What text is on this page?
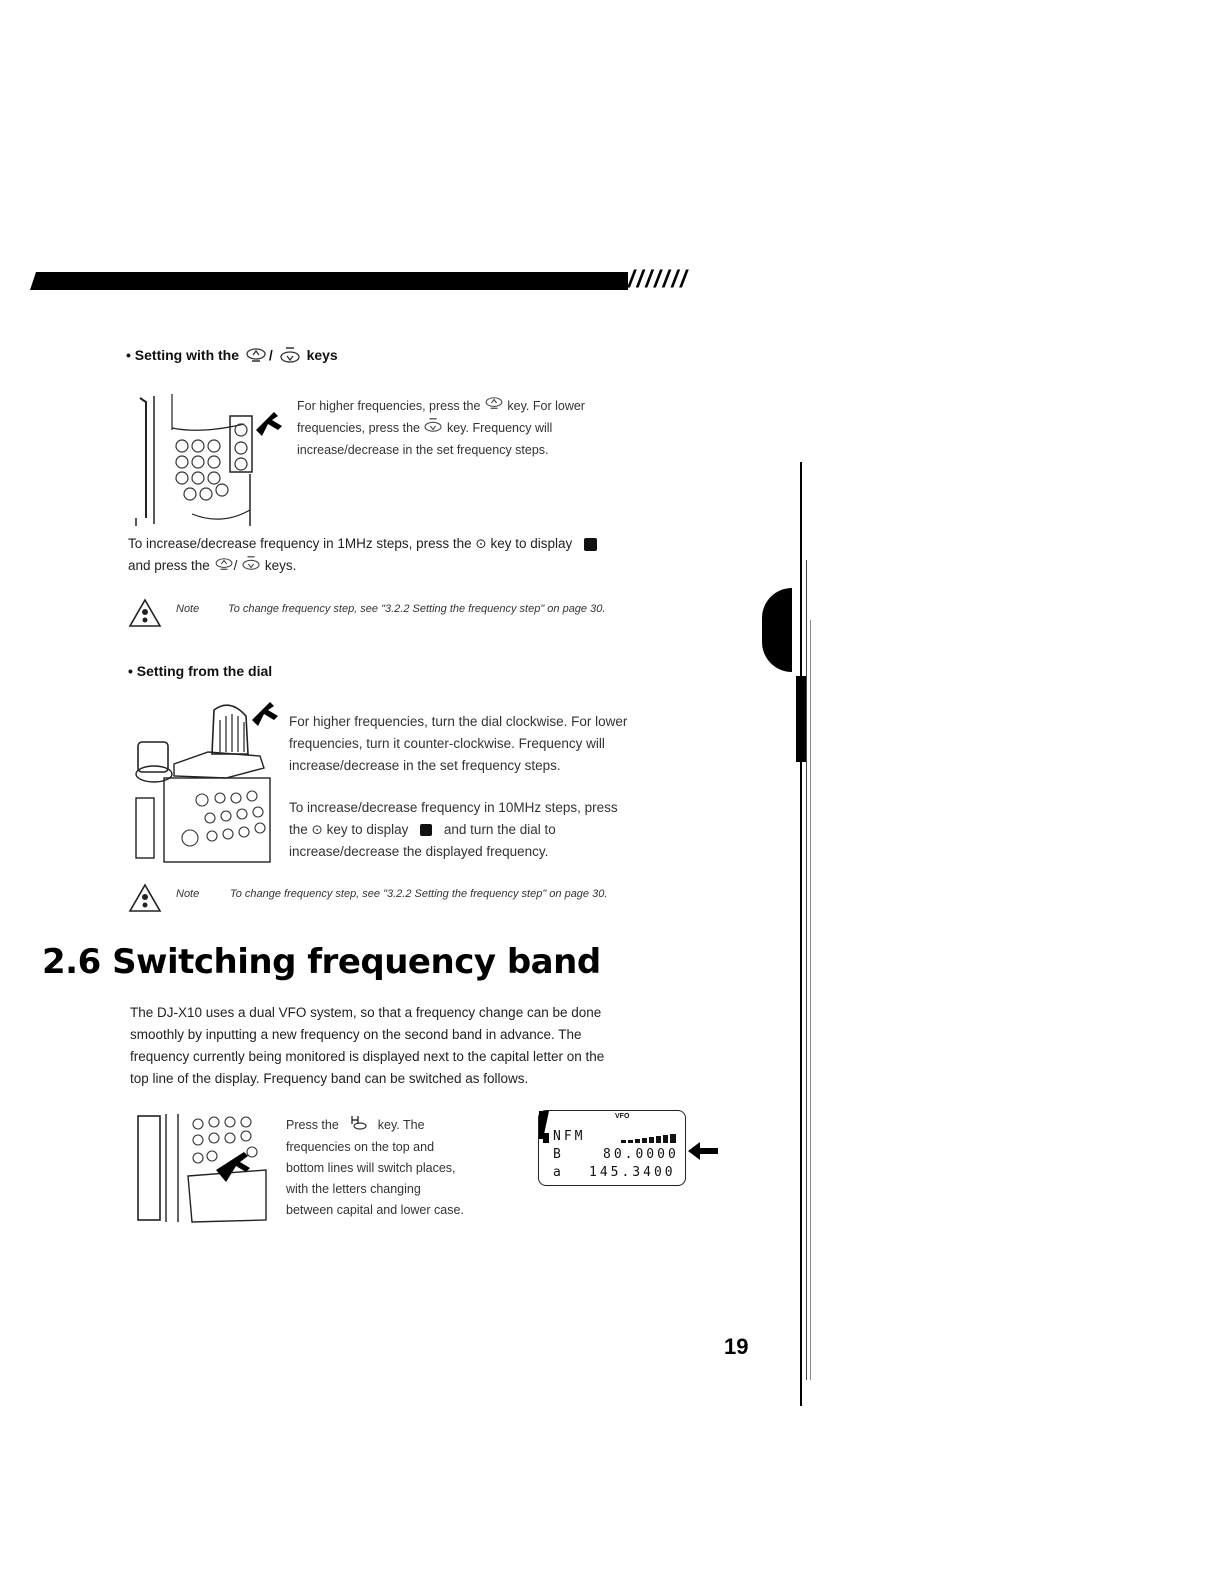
///////
• Setting with the /  keys
For higher frequencies, press the key. For lower
frequencies, press the key. Frequency will
increase/decrease in the set frequency steps.
To increase/decrease frequency in 1MHz steps, press the ⊙ key to display
and press the /  keys.
Note	To change frequency step, see "3.2.2 Setting the frequency step" on page 30.
• Setting from the dial
For higher frequencies, turn the dial clockwise. For lower
frequencies, turn it counter-clockwise. Frequency will
increase/decrease in the set frequency steps.
To increase/decrease frequency in 10MHz steps, press
the ⊙ key to display	and turn the dial to
increase/decrease the displayed frequency.
Note	To change frequency step, see "3.2.2 Setting the frequency step" on page 30.
2.6 Switching frequency band
The DJ-X10 uses a dual VFO system, so that a frequency change can be done
smoothly by inputting a new frequency on the second band in advance. The
frequency currently being monitored is displayed next to the capital letter on the
top line of the display. Frequency band can be switched as follows.
Press the	key. The
frequencies on the top and
bottom lines will switch places,
with the letters changing
between capital and lower case.
VFO
NFM
B	80.0000
a 145.3400
19
